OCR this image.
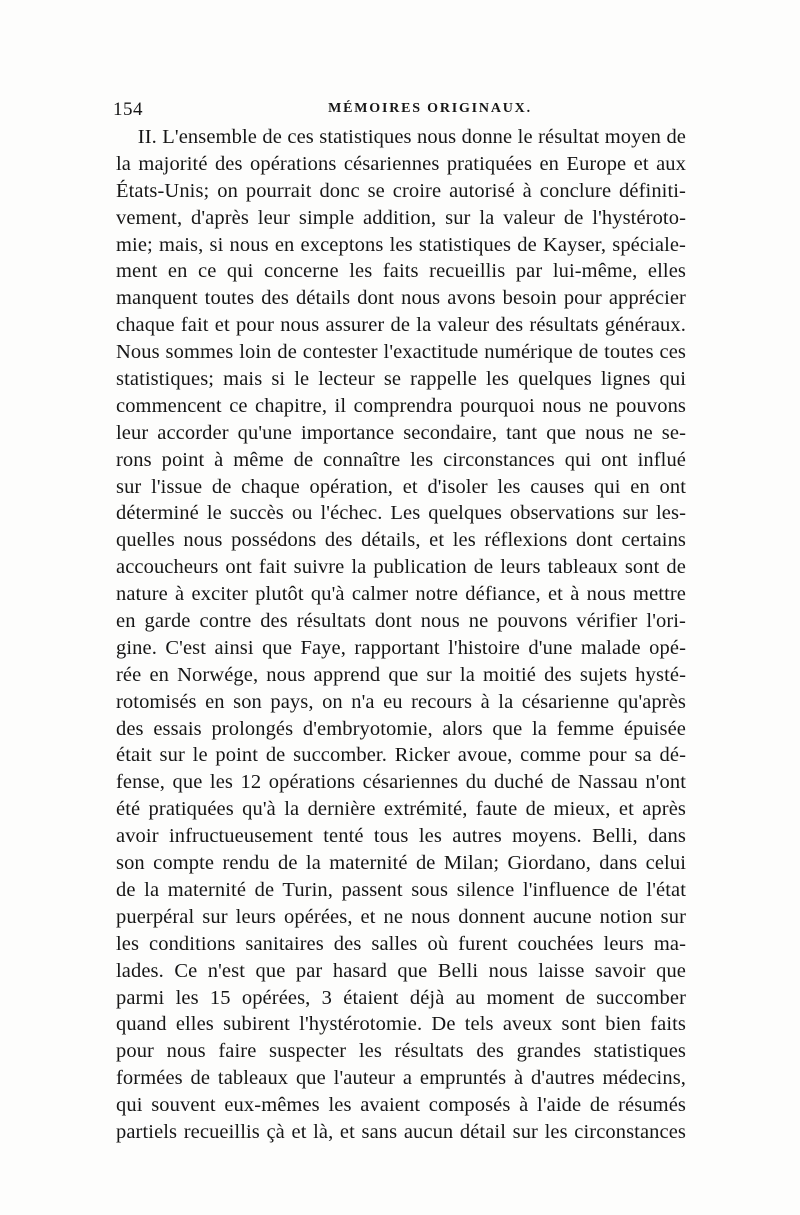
154	MÉMOIRES ORIGINAUX.
II. L'ensemble de ces statistiques nous donne le résultat moyen de
la majorité des opérations césariennes pratiquées en Europe et aux
États-Unis; on pourrait donc se croire autorisé à conclure définiti-
vement, d'après leur simple addition, sur la valeur de l'hystéroto-
mie; mais, si nous en exceptons les statistiques de Kayser, spéciale-
ment en ce qui concerne les faits recueillis par lui-même, elles
manquent toutes des détails dont nous avons besoin pour apprécier
chaque fait et pour nous assurer de la valeur des résultats généraux.
Nous sommes loin de contester l'exactitude numérique de toutes ces
statistiques; mais si le lecteur se rappelle les quelques lignes qui
commencent ce chapitre, il comprendra pourquoi nous ne pouvons
leur accorder qu'une importance secondaire, tant que nous ne se-
rons point à même de connaître les circonstances qui ont influé
sur l'issue de chaque opération, et d'isoler les causes qui en ont
déterminé le succès ou l'échec. Les quelques observations sur les-
quelles nous possédons des détails, et les réflexions dont certains
accoucheurs ont fait suivre la publication de leurs tableaux sont de
nature à exciter plutôt qu'à calmer notre défiance, et à nous mettre
en garde contre des résultats dont nous ne pouvons vérifier l'ori-
gine. C'est ainsi que Faye, rapportant l'histoire d'une malade opé-
rée en Norwége, nous apprend que sur la moitié des sujets hysté-
rotomisés en son pays, on n'a eu recours à la césarienne qu'après
des essais prolongés d'embryotomie, alors que la femme épuisée
était sur le point de succomber. Ricker avoue, comme pour sa dé-
fense, que les 12 opérations césariennes du duché de Nassau n'ont
été pratiquées qu'à la dernière extrémité, faute de mieux, et après
avoir infructueusement tenté tous les autres moyens. Belli, dans
son compte rendu de la maternité de Milan; Giordano, dans celui
de la maternité de Turin, passent sous silence l'influence de l'état
puerpéral sur leurs opérées, et ne nous donnent aucune notion sur
les conditions sanitaires des salles où furent couchées leurs ma-
lades. Ce n'est que par hasard que Belli nous laisse savoir que
parmi les 15 opérées, 3 étaient déjà au moment de succomber
quand elles subirent l'hystérotomie. De tels aveux sont bien faits
pour nous faire suspecter les résultats des grandes statistiques
formées de tableaux que l'auteur a empruntés à d'autres médecins,
qui souvent eux-mêmes les avaient composés à l'aide de résumés
partiels recueillis çà et là, et sans aucun détail sur les circonstances
